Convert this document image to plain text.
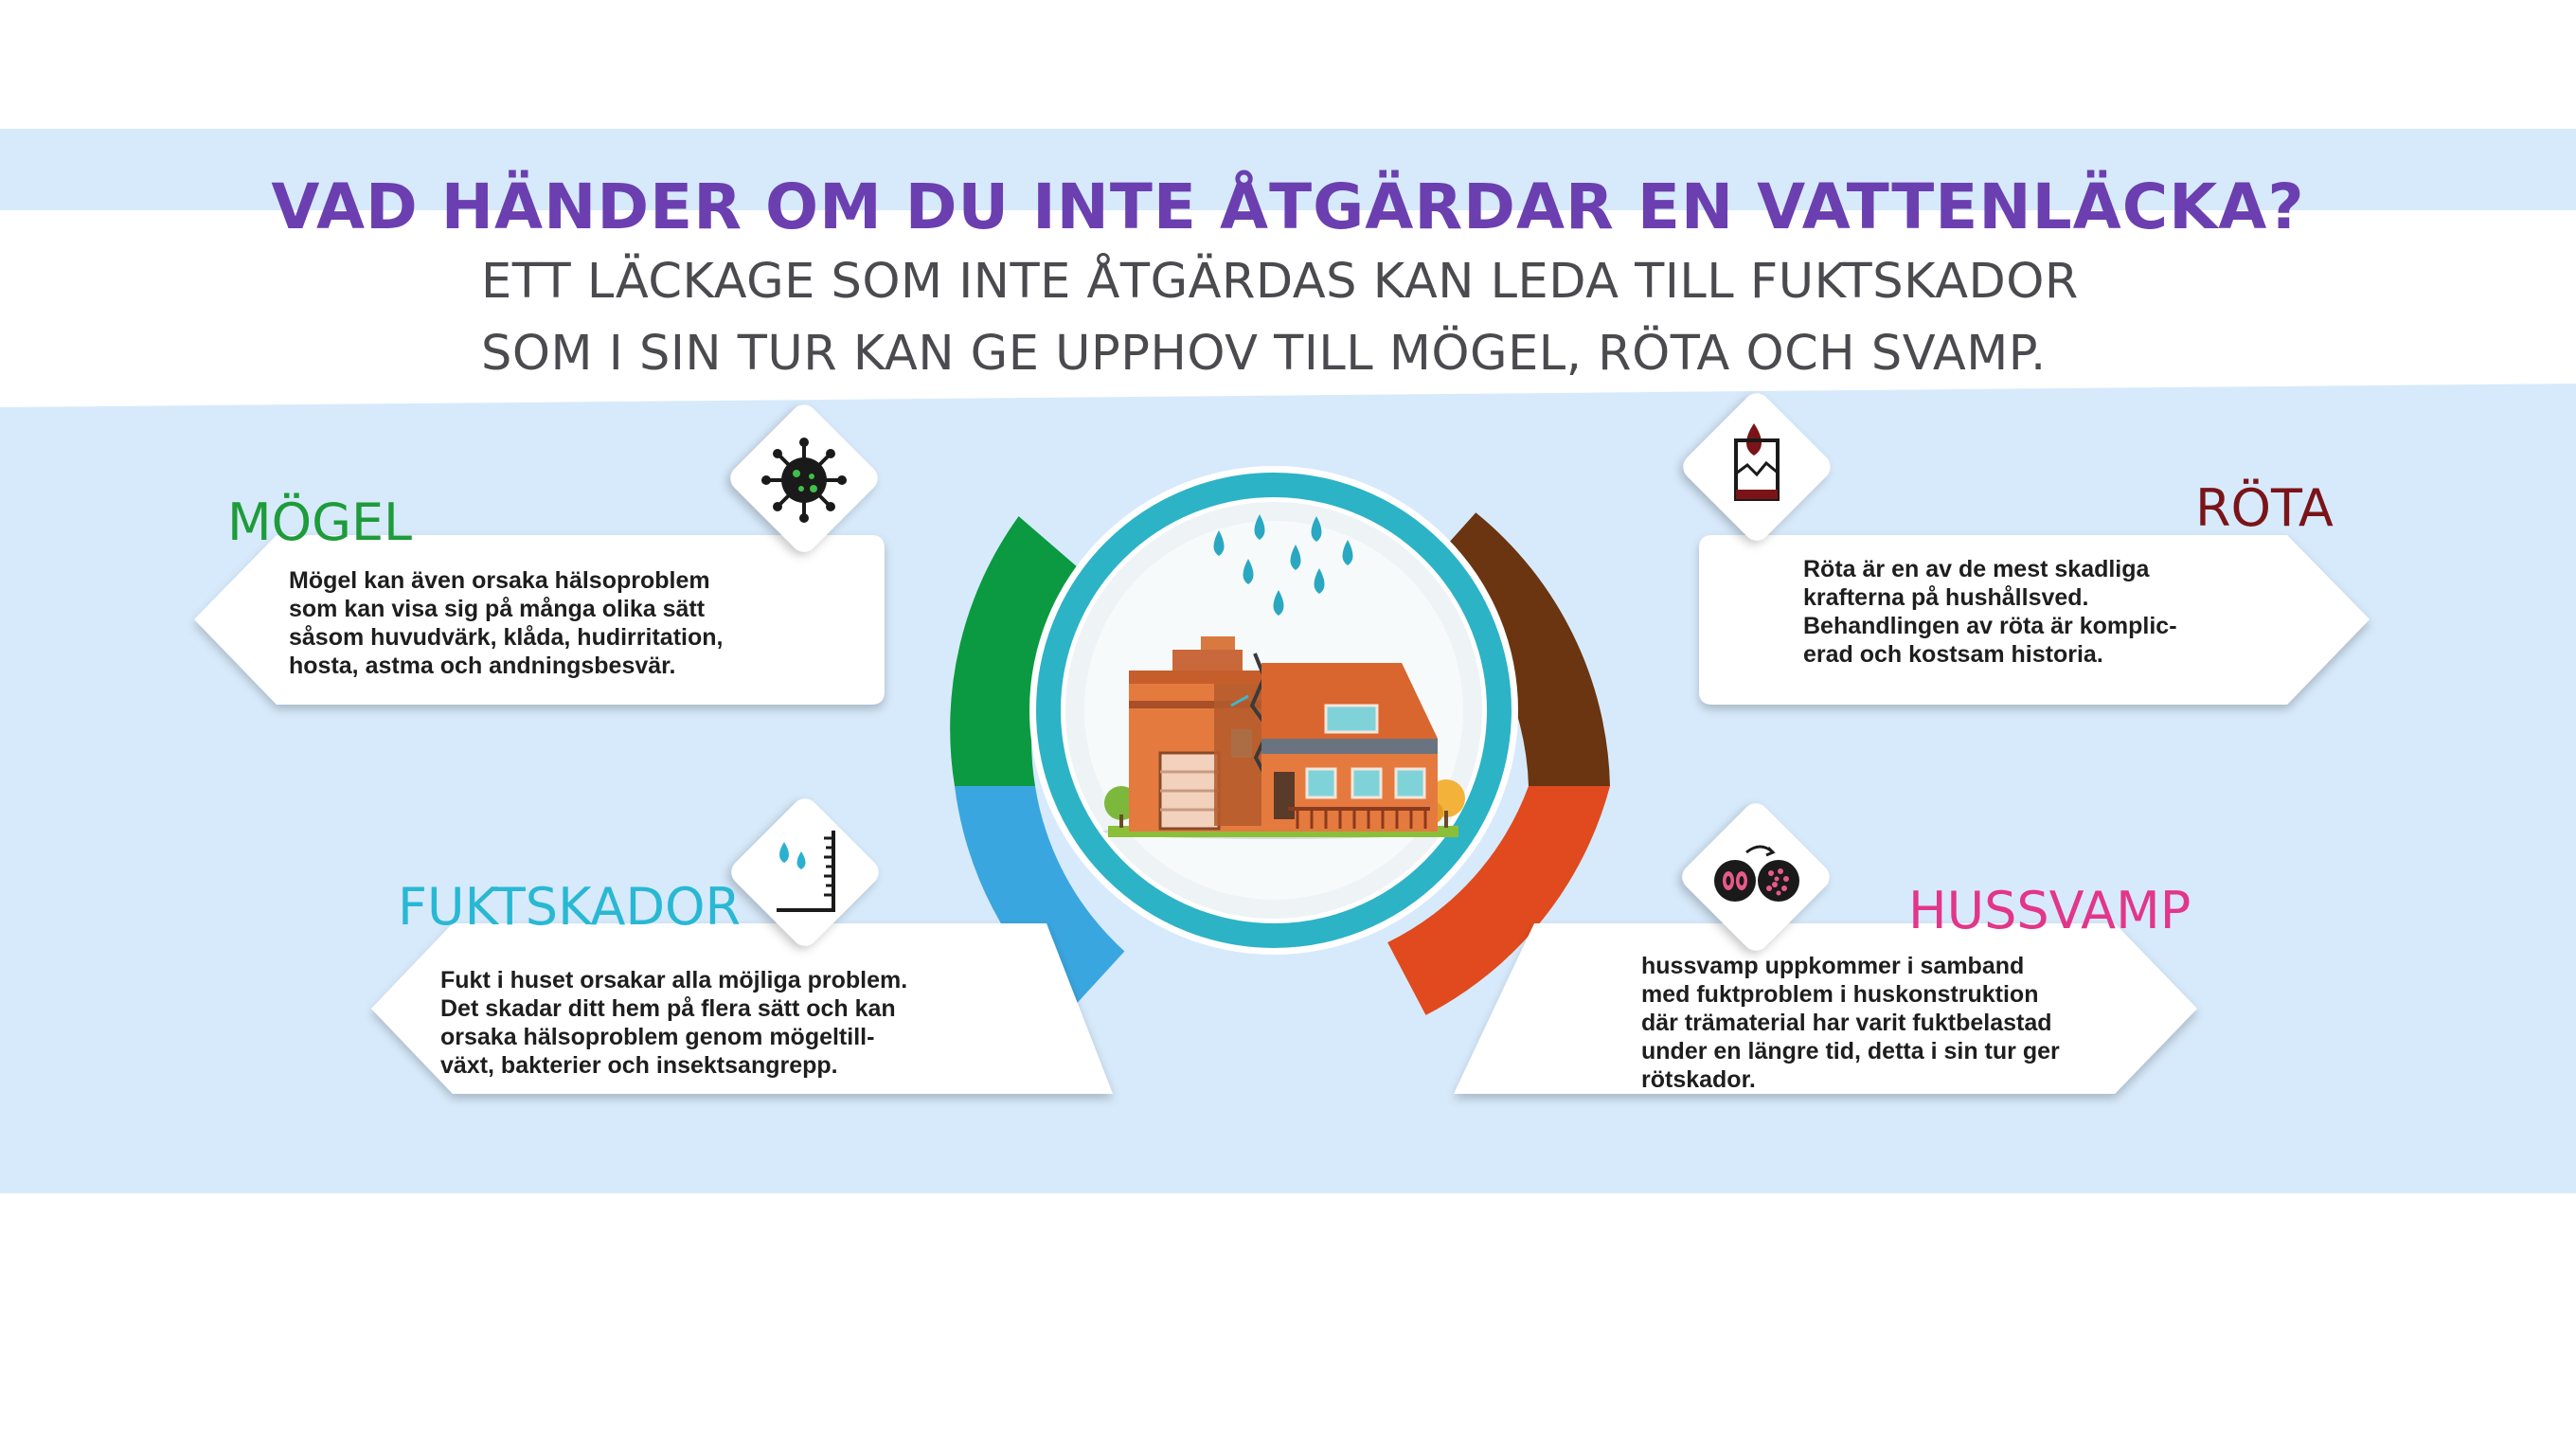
VAD HÄNDER OM DU INTE ÅTGÄRDAR EN VATTENLÄCKA?
ETT LÄCKAGE SOM INTE ÅTGÄRDAS KAN LEDA TILL FUKTSKADOR
SOM I SIN TUR KAN GE UPPHOV TILL MÖGEL, RÖTA OCH SVAMP.
MÖGEL	RÖTA
FUKTSKADOR	HUSSVAMP
Mögel kan även orsaka hälsoproblem
som kan visa sig på många olika sätt
såsom huvudvärk, klåda, hudirritation,
hosta, astma och andningsbesvär.
Röta är en av de mest skadliga
krafterna på hushållsved.
Behandlingen av röta är komplic-
erad och kostsam historia.
Fukt i huset orsakar alla möjliga problem.
Det skadar ditt hem på flera sätt och kan
orsaka hälsoproblem genom mögeltill-
växt, bakterier och insektsangrepp.
hussvamp uppkommer i samband
med fuktproblem i huskonstruktion
där trämaterial har varit fuktbelastad
under en längre tid, detta i sin tur ger
rötskador.
